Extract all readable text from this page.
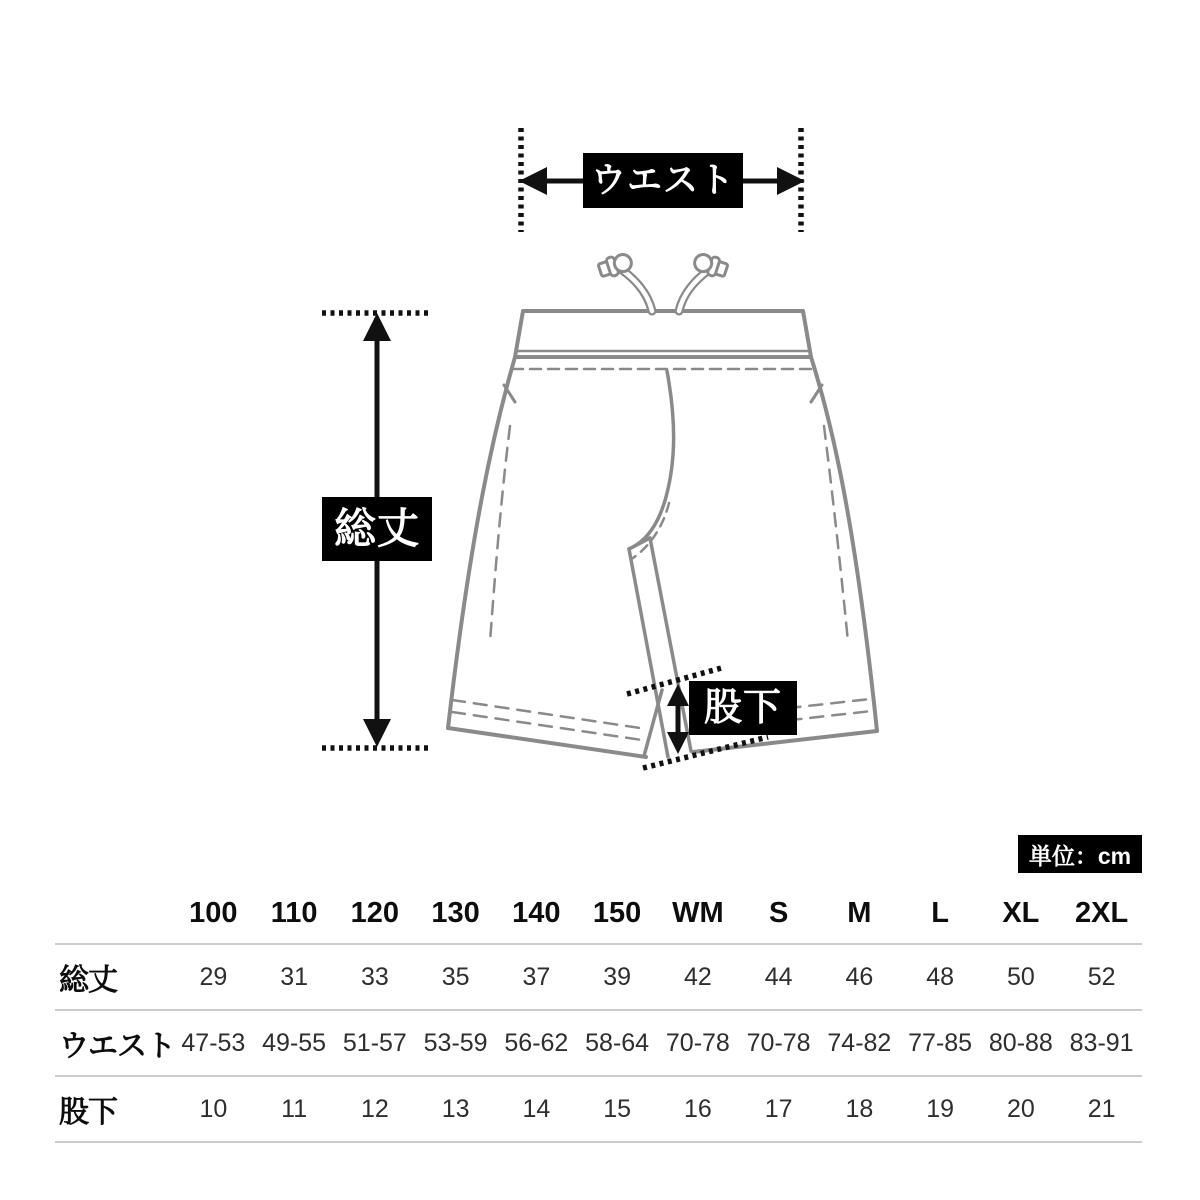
ウエスト
総丈
股下
単位：cm
	100	110	120	130	140	150	WM	S	M	L	XL	2XL
総丈	29	31	33	35	37	39	42	44	46	48	50	52
ウエスト	47-53	49-55	51-57	53-59	56-62	58-64	70-78	70-78	74-82	77-85	80-88	83-91
股下	10	11	12	13	14	15	16	17	18	19	20	21
